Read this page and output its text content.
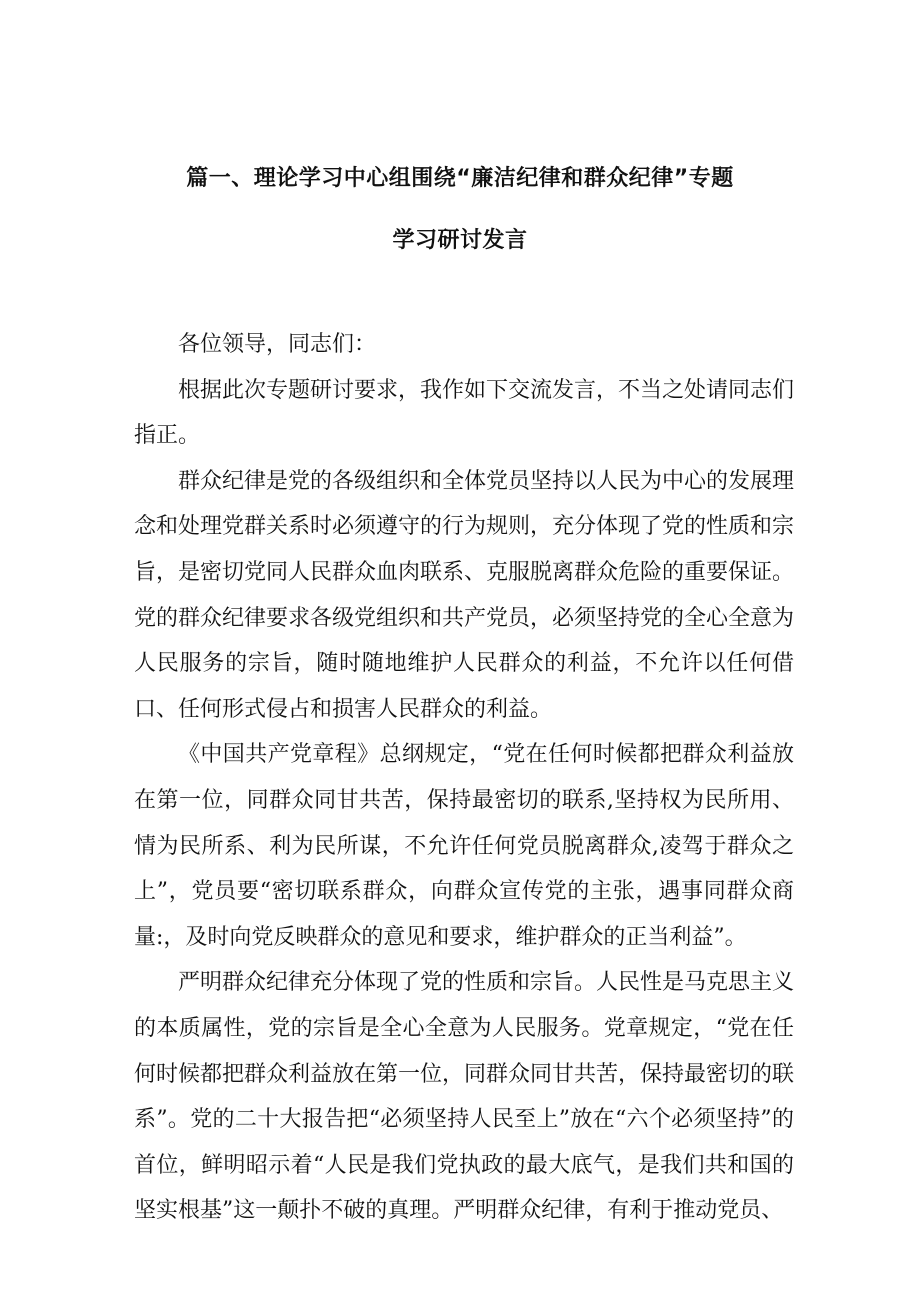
篇一、理论学习中心组围绕“廉洁纪律和群众纪律”专题
学习研讨发言

各位领导，同志们：

根据此次专题研讨要求，我作如下交流发言，不当之处请同志们指正。

群众纪律是党的各级组织和全体党员坚持以人民为中心的发展理念和处理党群关系时必须遵守的行为规则，充分体现了党的性质和宗旨，是密切党同人民群众血肉联系、克服脱离群众危险的重要保证。党的群众纪律要求各级党组织和共产党员，必须坚持党的全心全意为人民服务的宗旨，随时随地维护人民群众的利益，不允许以任何借口、任何形式侵占和损害人民群众的利益。

《中国共产党章程》总纲规定，“党在任何时候都把群众利益放在第一位，同群众同甘共苦，保持最密切的联系,坚持权为民所用、情为民所系、利为民所谋，不允许任何党员脱离群众,凌驾于群众之上”，党员要“密切联系群众，向群众宣传党的主张，遇事同群众商量:，及时向党反映群众的意见和要求，维护群众的正当利益”。

严明群众纪律充分体现了党的性质和宗旨。人民性是马克思主义的本质属性，党的宗旨是全心全意为人民服务。党章规定，“党在任何时候都把群众利益放在第一位，同群众同甘共苦，保持最密切的联系”。党的二十大报告把“必须坚持人民至上”放在“六个必须坚持”的首位，鲜明昭示着“人民是我们党执政的最大底气，是我们共和国的坚实根基”这一颠扑不破的真理。严明群众纪律，有利于推动党员、
